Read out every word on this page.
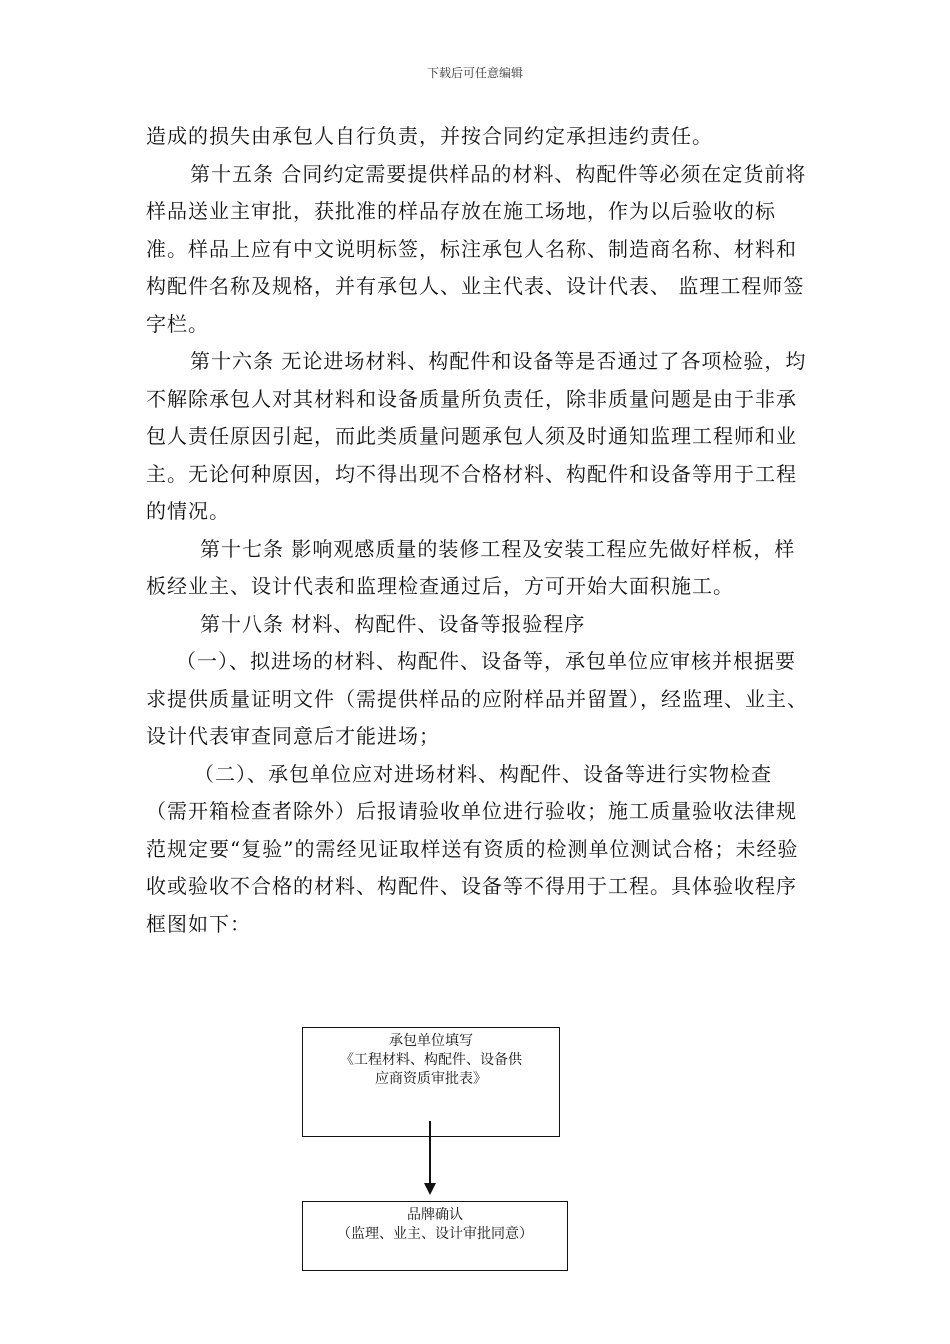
下载后可任意编辑

造成的损失由承包人自行负责，并按合同约定承担违约责任。

第十五条 合同约定需要提供样品的材料、构配件等必须在定货前将样品送业主审批，获批准的样品存放在施工场地，作为以后验收的标准。样品上应有中文说明标签，标注承包人名称、制造商名称、材料和构配件名称及规格，并有承包人、业主代表、设计代表、 监理工程师签字栏。

第十六条 无论进场材料、构配件和设备等是否通过了各项检验，均不解除承包人对其材料和设备质量所负责任，除非质量问题是由于非承包人责任原因引起，而此类质量问题承包人须及时通知监理工程师和业主。无论何种原因，均不得出现不合格材料、构配件和设备等用于工程的情况。

第十七条 影响观感质量的装修工程及安装工程应先做好样板，样板经业主、设计代表和监理检查通过后，方可开始大面积施工。

第十八条 材料、构配件、设备等报验程序

（一）、拟进场的材料、构配件、设备等，承包单位应审核并根据要求提供质量证明文件（需提供样品的应附样品并留置），经监理、业主、设计代表审查同意后才能进场；

（二）、承包单位应对进场材料、构配件、设备等进行实物检查（需开箱检查者除外）后报请验收单位进行验收；施工质量验收法律规范规定要“复验”的需经见证取样送有资质的检测单位测试合格；未经验收或验收不合格的材料、构配件、设备等不得用于工程。具体验收程序框图如下：

承包单位填写
《工程材料、构配件、设备供
应商资质审批表》
品牌确认
（监理、业主、设计审批同意）
